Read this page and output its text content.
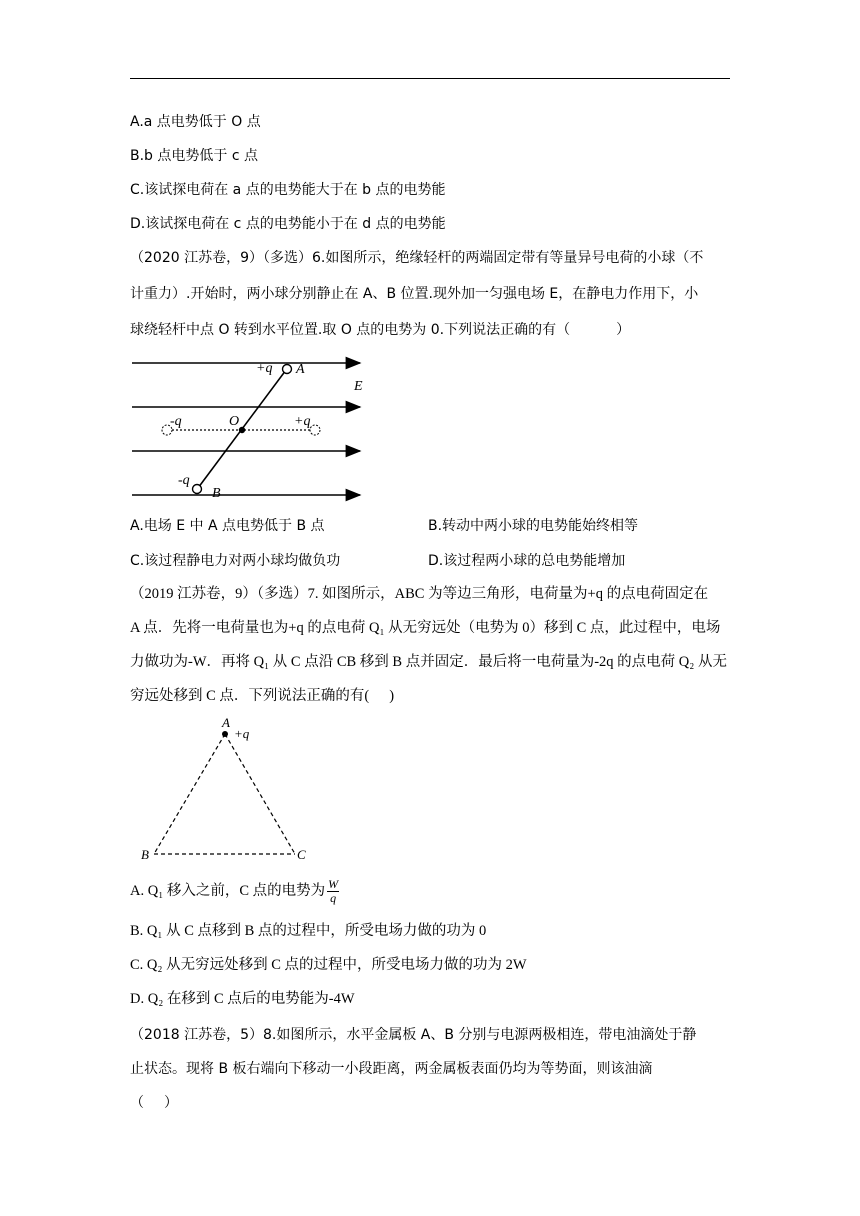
A.a 点电势低于 O 点
B.b 点电势低于 c 点
C.该试探电荷在 a 点的电势能大于在 b 点的电势能
D.该试探电荷在 c 点的电势能小于在 d 点的电势能
（2020 江苏卷，9）（多选）6.如图所示，绝缘轻杆的两端固定带有等量异号电荷的小球（不
计重力）.开始时，两小球分别静止在 A、B 位置.现外加一匀强电场 E，在静电力作用下，小
球绕轻杆中点 O 转到水平位置.取 O 点的电势为 0.下列说法正确的有（	）
+q A
E
-q	O	+q
-q
B
A.电场 E 中 A 点电势低于 B 点	B.转动中两小球的电势能始终相等
C.该过程静电力对两小球均做负功	D.该过程两小球的总电势能增加
（2019 江苏卷，9）（多选）7. 如图所示，ABC 为等边三角形，电荷量为+q 的点电荷固定在
A 点．先将一电荷量也为+q 的点电荷 Q₁ 从无穷远处（电势为 0）移到 C 点，此过程中，电场
力做功为-W．再将 Q₁ 从 C 点沿 CB 移到 B 点并固定．最后将一电荷量为-2q 的点电荷 Q₂ 从无
穷远处移到 C 点．下列说法正确的有( )
A
+q
B	C
A. Q₁ 移入之前，C 点的电势为 $\frac{W}{q}$
B. Q₁ 从 C 点移到 B 点的过程中，所受电场力做的功为 0
C. Q₂ 从无穷远处移到 C 点的过程中，所受电场力做的功为 2W
D. Q₂ 在移到 C 点后的电势能为-4W
（2018 江苏卷，5）8.如图所示，水平金属板 A、B 分别与电源两极相连，带电油滴处于静
止状态。现将 B 板右端向下移动一小段距离，两金属板表面仍均为等势面，则该油滴
（ ）
